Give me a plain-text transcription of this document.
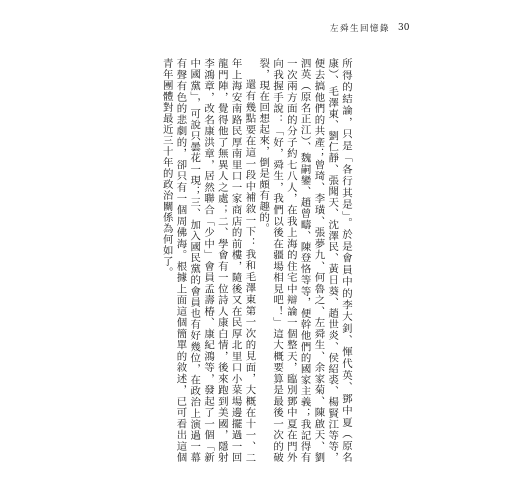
左舜生回憶錄 30

所得的結論，只是「各行其是」。於是會員中的李大釗、惲代英、鄧中夏（原名康）、毛澤東、劉仁靜、張聞天、沈澤民、黃日葵、趙世炎、侯紹裘、楊賢江等等，便去搞他們的共產；曾琦、李璜、張夢九、何魯之、左舜生、余家菊、陳啟天、劉泗英（原名正江）、魏嗣鑾、趙曾疇、陳登恪等等，便幹他們的國家主義；我記得有一次兩方面的分子約七八人，在我上海的住宅中辯論一個整天，臨別鄧中夏在門外向我握手說：「好，舜生，我們以後在疆場相見吧！」這大概要算是最後一次的破裂，現在回想起來，倒是頗有趣的。

還有幾點要在這一段中補敘一下：我和毛澤東第一次的見面，大概在十一、二年上海安南路民厚南里口一家商店的前樓，隨後又在民厚北里口小菜場邊擺過一回龍門陣，覺得他了無異人之處；二、學會有一位詩人康白情，後來跑到美國，隱射李鴻章，改名康洪章，居然聯合「少中」會員孟壽椿、康紀鴻等，發起了一個「新中國黨」，可說只曇花一現；三、加入國民黨的會員也有好幾位，在政治上演過一幕有聲有色的悲劇的，卻只有一個周佛海。根據上面這個簡單的敘述，已可看出這個青年團體對最近三十年的政治關係為何如了。
